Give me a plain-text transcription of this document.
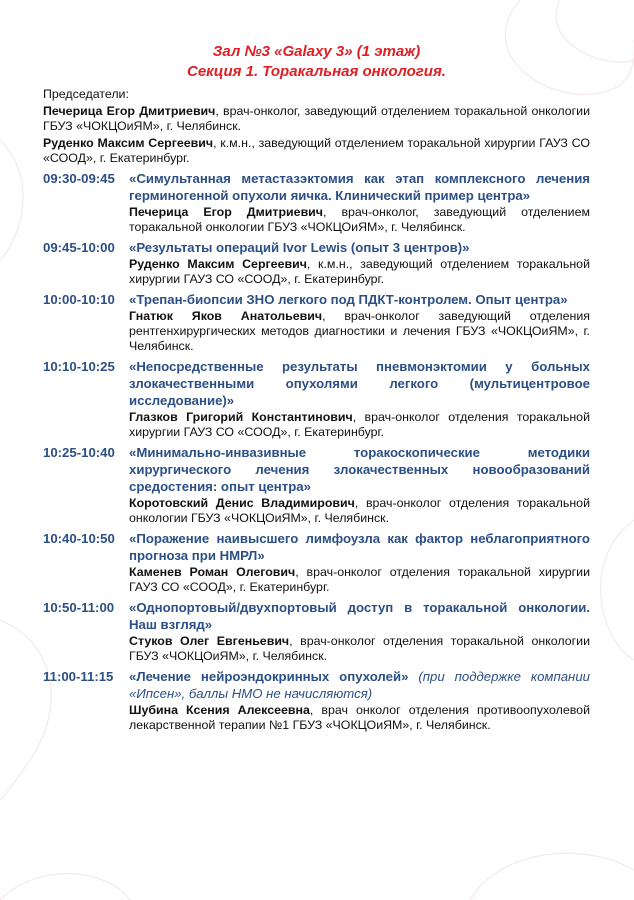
Зал №3 «Galaxy 3» (1 этаж)
Секция 1. Торакальная онкология.
Председатели:
Печерица Егор Дмитриевич, врач-онколог, заведующий отделением торакальной онкологии ГБУЗ «ЧОКЦОиЯМ», г. Челябинск.
Руденко Максим Сергеевич, к.м.н., заведующий отделением торакальной хирургии ГАУЗ СО «СООД», г. Екатеринбург.
09:30-09:45	«Симультанная метастазэктомия как этап комплексного лечения герминогенной опухоли яичка. Клинический пример центра»
Печерица Егор Дмитриевич, врач-онколог, заведующий отделением торакальной онкологии ГБУЗ «ЧОКЦОиЯМ», г. Челябинск.
09:45-10:00	«Результаты операций Ivor Lewis (опыт 3 центров)»
Руденко Максим Сергеевич, к.м.н., заведующий отделением торакальной хирургии ГАУЗ СО «СООД», г. Екатеринбург.
10:00-10:10	«Трепан-биопсии ЗНО легкого под ПДКТ-контролем. Опыт центра»
Гнатюк Яков Анатольевич, врач-онколог заведующий отделения рентгенхирургических методов диагностики и лечения ГБУЗ «ЧОКЦОиЯМ», г. Челябинск.
10:10-10:25	«Непосредственные результаты пневмонэктомии у больных злокачественными опухолями легкого (мультицентровое исследование)»
Глазков Григорий Константинович, врач-онколог отделения торакальной хирургии ГАУЗ СО «СООД», г. Екатеринбург.
10:25-10:40	«Минимально-инвазивные торакоскопические методики хирургического лечения злокачественных новообразований средостения: опыт центра»
Коротовский Денис Владимирович, врач-онколог отделения торакальной онкологии ГБУЗ «ЧОКЦОиЯМ», г. Челябинск.
10:40-10:50	«Поражение наивысшего лимфоузла как фактор неблагоприятного прогноза при НМРЛ»
Каменев Роман Олегович, врач-онколог отделения торакальной хирургии ГАУЗ СО «СООД», г. Екатеринбург.
10:50-11:00	«Однопортовый/двухпортовый доступ в торакальной онкологии. Наш взгляд»
Стуков Олег Евгеньевич, врач-онколог отделения торакальной онкологии ГБУЗ «ЧОКЦОиЯМ», г. Челябинск.
11:00-11:15	«Лечение нейроэндокринных опухолей» (при поддержке компании «Ипсен», баллы НМО не начисляются)
Шубина Ксения Алексеевна, врач онколог отделения противоопухолевой лекарственной терапии №1 ГБУЗ «ЧОКЦОиЯМ», г. Челябинск.
